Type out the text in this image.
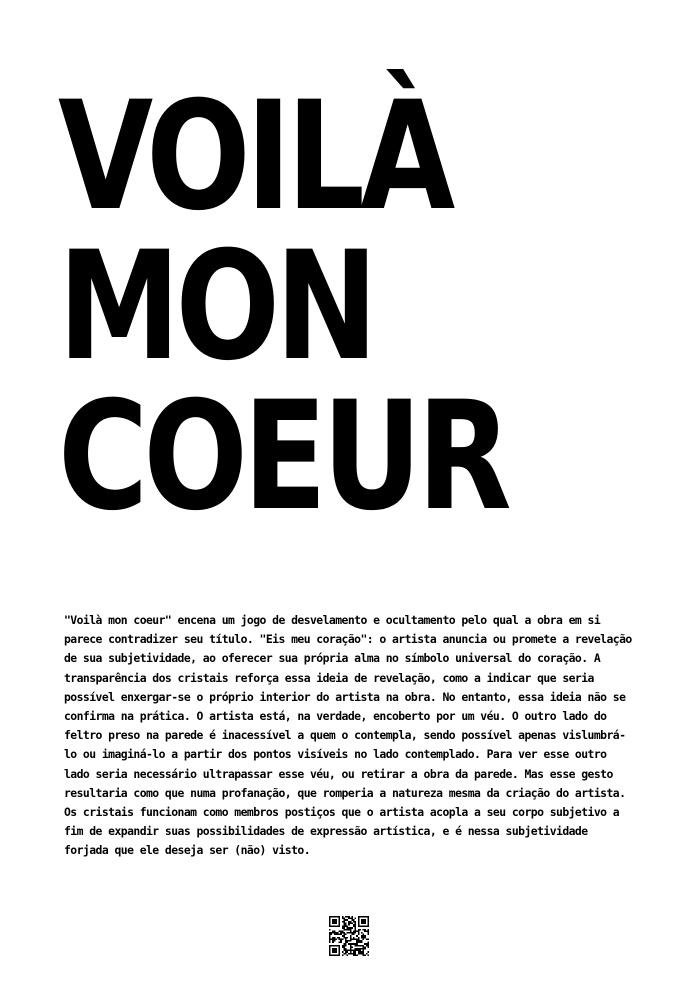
VOILÀ
MON
COEUR

"Voilà mon coeur" encena um jogo de desvelamento e ocultamento pelo qual a obra em si parece contradizer seu título. "Eis meu coração": o artista anuncia ou promete a revelação de sua subjetividade, ao oferecer sua própria alma no símbolo universal do coração. A transparência dos cristais reforça essa ideia de revelação, como a indicar que seria possível enxergar-se o próprio interior do artista na obra. No entanto, essa ideia não se confirma na prática. O artista está, na verdade, encoberto por um véu. O outro lado do feltro preso na parede é inacessível a quem o contempla, sendo possível apenas vislumbrá-lo ou imaginá-lo a partir dos pontos visíveis no lado contemplado. Para ver esse outro lado seria necessário ultrapassar esse véu, ou retirar a obra da parede. Mas esse gesto resultaria como que numa profanação, que romperia a natureza mesma da criação do artista. Os cristais funcionam como membros postiços que o artista acopla a seu corpo subjetivo a fim de expandir suas possibilidades de expressão artística, e é nessa subjetividade forjada que ele deseja ser (não) visto.
